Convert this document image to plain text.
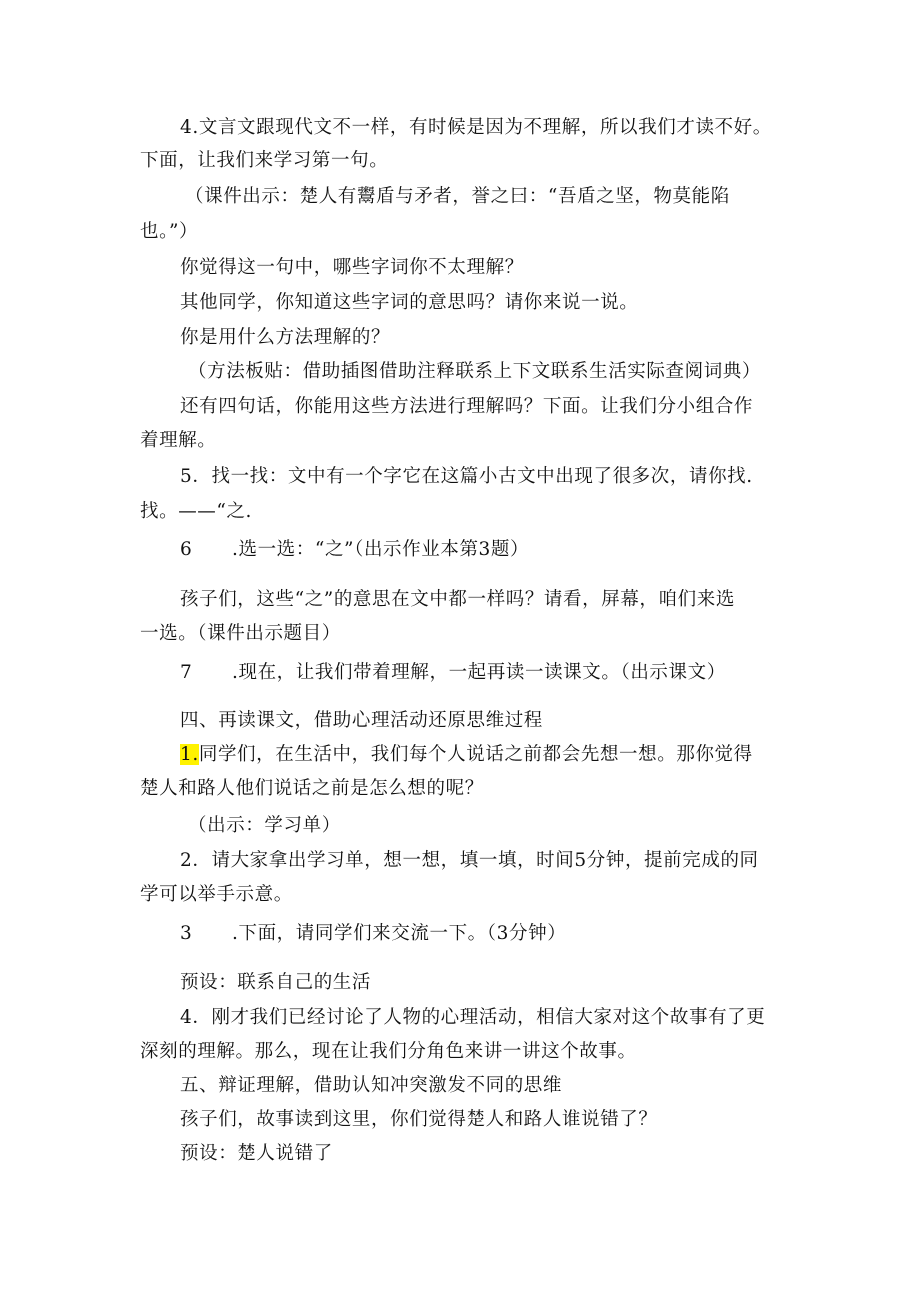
4.文言文跟现代文不一样，有时候是因为不理解，所以我们才读不好。
下面，让我们来学习第一句。
（课件出示：楚人有鬻盾与矛者，誉之曰：“吾盾之坚，物莫能陷
也。”）
你觉得这一句中，哪些字词你不太理解？
其他同学，你知道这些字词的意思吗？请你来说一说。
你是用什么方法理解的？
（方法板贴：借助插图借助注释联系上下文联系生活实际查阅词典）
还有四句话，你能用这些方法进行理解吗？下面。让我们分小组合作
着理解。
5．找一找：文中有一个字它在这篇小古文中出现了很多次，请你找.
找。——“之.
6 .选一选：“之”（出示作业本第3题）
孩子们，这些“之”的意思在文中都一样吗？请看，屏幕，咱们来选
一选。（课件出示题目）
7 .现在，让我们带着理解，一起再读一读课文。（出示课文）
四、再读课文，借助心理活动还原思维过程
1.同学们，在生活中，我们每个人说话之前都会先想一想。那你觉得
楚人和路人他们说话之前是怎么想的呢？
（出示：学习单）
2．请大家拿出学习单，想一想，填一填，时间5分钟，提前完成的同
学可以举手示意。
3 .下面，请同学们来交流一下。（3分钟）
预设：联系自己的生活
4．刚才我们已经讨论了人物的心理活动，相信大家对这个故事有了更
深刻的理解。那么，现在让我们分角色来讲一讲这个故事。
五、辩证理解，借助认知冲突激发不同的思维
孩子们，故事读到这里，你们觉得楚人和路人谁说错了？
预设：楚人说错了
